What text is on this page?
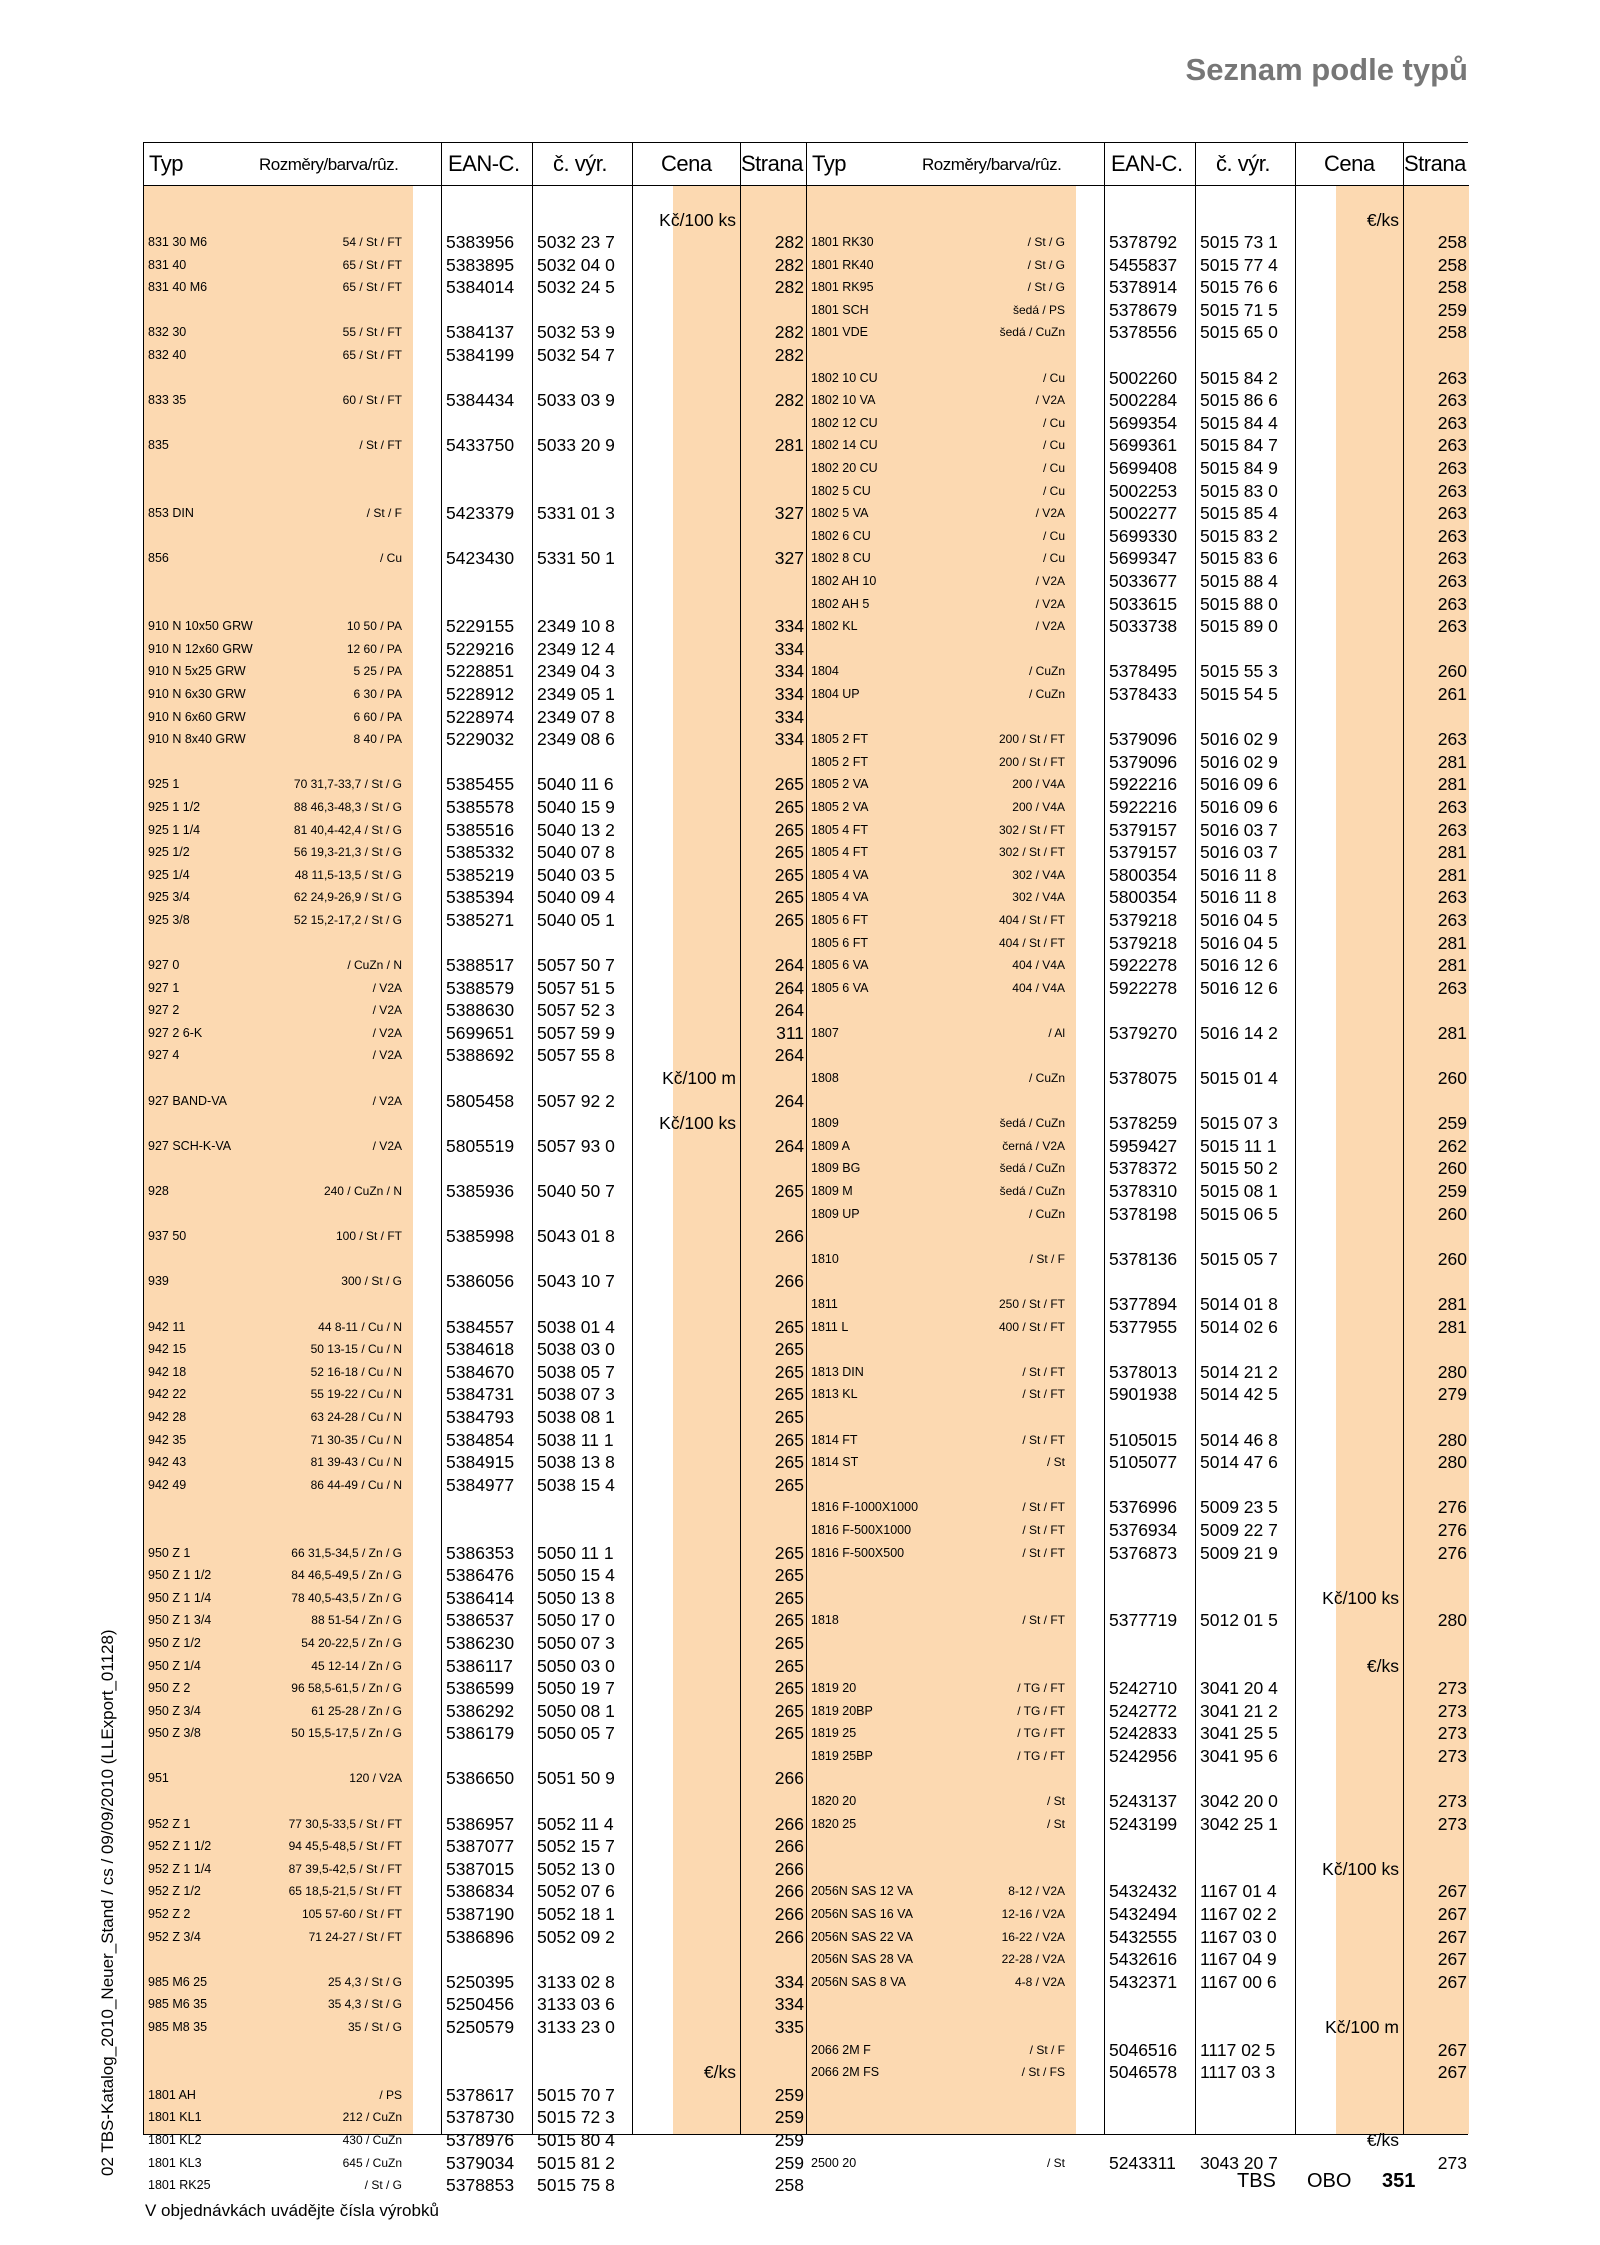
Seznam podle typů
Typ	Rozměry/barva/rûz. EAN-C. č. výr. Cena Strana
Kč/100 ks
831 30 M6	54 / St / FT	5383956 5032 23 7	282
831 40	65 / St / FT	5383895 5032 04 0	282
831 40 M6	65 / St / FT	5384014 5032 24 5	282
832 30	55 / St / FT	5384137 5032 53 9	282
832 40	65 / St / FT	5384199 5032 54 7	282
833 35	60 / St / FT	5384434 5033 03 9	282
835	/ St / FT	5433750 5033 20 9	281
853 DIN	/ St / F	5423379 5331 01 3	327
856	/ Cu	5423430 5331 50 1	327
910 N 10x50 GRW	10 50 / PA	5229155 2349 10 8	334
910 N 12x60 GRW	12 60 / PA	5229216 2349 12 4	334
910 N 5x25 GRW	5 25 / PA	5228851 2349 04 3	334
910 N 6x30 GRW	6 30 / PA	5228912 2349 05 1	334
910 N 6x60 GRW	6 60 / PA	5228974 2349 07 8	334
910 N 8x40 GRW	8 40 / PA	5229032 2349 08 6	334
925 1	70 31,7-33,7 / St / G	5385455 5040 11 6	265
925 1 1/2	88 46,3-48,3 / St / G	5385578 5040 15 9	265
925 1 1/4	81 40,4-42,4 / St / G	5385516 5040 13 2	265
925 1/2	56 19,3-21,3 / St / G	5385332 5040 07 8	265
925 1/4	48 11,5-13,5 / St / G	5385219 5040 03 5	265
925 3/4	62 24,9-26,9 / St / G	5385394 5040 09 4	265
925 3/8	52 15,2-17,2 / St / G	5385271 5040 05 1	265
927 0	/ CuZn / N	5388517 5057 50 7	264
927 1	/ V2A	5388579 5057 51 5	264
927 2	/ V2A	5388630 5057 52 3	264
927 2 6-K	/ V2A	5699651 5057 59 9	311
927 4	/ V2A	5388692 5057 55 8	264
Kč/100 m
927 BAND-VA	/ V2A	5805458 5057 92 2	264
Kč/100 ks
927 SCH-K-VA	/ V2A	5805519 5057 93 0	264
928	240 / CuZn / N	5385936 5040 50 7	265
937 50	100 / St / FT	5385998 5043 01 8	266
939	300 / St / G	5386056 5043 10 7	266
942 11	44 8-11 / Cu / N	5384557 5038 01 4	265
942 15	50 13-15 / Cu / N	5384618 5038 03 0	265
942 18	52 16-18 / Cu / N	5384670 5038 05 7	265
942 22	55 19-22 / Cu / N	5384731 5038 07 3	265
942 28	63 24-28 / Cu / N	5384793 5038 08 1	265
942 35	71 30-35 / Cu / N	5384854 5038 11 1	265
942 43	81 39-43 / Cu / N	5384915 5038 13 8	265
942 49	86 44-49 / Cu / N	5384977 5038 15 4	265
950 Z 1	66 31,5-34,5 / Zn / G	5386353 5050 11 1	265
950 Z 1 1/2	84 46,5-49,5 / Zn / G	5386476 5050 15 4	265
950 Z 1 1/4	78 40,5-43,5 / Zn / G	5386414 5050 13 8	265
950 Z 1 3/4	88 51-54 / Zn / G	5386537 5050 17 0	265
950 Z 1/2	54 20-22,5 / Zn / G	5386230 5050 07 3	265
950 Z 1/4	45 12-14 / Zn / G	5386117 5050 03 0	265
950 Z 2	96 58,5-61,5 / Zn / G	5386599 5050 19 7	265
950 Z 3/4	61 25-28 / Zn / G	5386292 5050 08 1	265
950 Z 3/8	50 15,5-17,5 / Zn / G	5386179 5050 05 7	265
951	120 / V2A	5386650 5051 50 9	266
952 Z 1	77 30,5-33,5 / St / FT	5386957 5052 11 4	266
952 Z 1 1/2	94 45,5-48,5 / St / FT	5387077 5052 15 7	266
952 Z 1 1/4	87 39,5-42,5 / St / FT	5387015 5052 13 0	266
952 Z 1/2	65 18,5-21,5 / St / FT	5386834 5052 07 6	266
952 Z 2	105 57-60 / St / FT	5387190 5052 18 1	266
952 Z 3/4	71 24-27 / St / FT	5386896 5052 09 2	266
985 M6 25	25 4,3 / St / G	5250395 3133 02 8	334
985 M6 35	35 4,3 / St / G	5250456 3133 03 6	334
985 M8 35	35 / St / G	5250579 3133 23 0	335
€/ks
1801 AH	/ PS	5378617 5015 70 7	259
1801 KL1	212 / CuZn	5378730 5015 72 3	259
1801 KL2	430 / CuZn	5378976 5015 80 4	259
1801 KL3	645 / CuZn	5379034 5015 81 2	259
1801 RK25	/ St / G	5378853 5015 75 8	258
Typ	Rozměry/barva/rûz. EAN-C. č. výr. Cena Strana
€/ks
1801 RK30	/ St / G	5378792 5015 73 1	258
1801 RK40	/ St / G	5455837 5015 77 4	258
1801 RK95	/ St / G	5378914 5015 76 6	258
1801 SCH	šedá / PS	5378679 5015 71 5	259
1801 VDE	šedá / CuZn	5378556 5015 65 0	258
1802 10 CU	/ Cu	5002260 5015 84 2	263
1802 10 VA	/ V2A	5002284 5015 86 6	263
1802 12 CU	/ Cu	5699354 5015 84 4	263
1802 14 CU	/ Cu	5699361 5015 84 7	263
1802 20 CU	/ Cu	5699408 5015 84 9	263
1802 5 CU	/ Cu	5002253 5015 83 0	263
1802 5 VA	/ V2A	5002277 5015 85 4	263
1802 6 CU	/ Cu	5699330 5015 83 2	263
1802 8 CU	/ Cu	5699347 5015 83 6	263
1802 AH 10	/ V2A	5033677 5015 88 4	263
1802 AH 5	/ V2A	5033615 5015 88 0	263
1802 KL	/ V2A	5033738 5015 89 0	263
1804	/ CuZn	5378495 5015 55 3	260
1804 UP	/ CuZn	5378433 5015 54 5	261
1805 2 FT	200 / St / FT	5379096 5016 02 9	263
1805 2 FT	200 / St / FT	5379096 5016 02 9	281
1805 2 VA	200 / V4A	5922216 5016 09 6	281
1805 2 VA	200 / V4A	5922216 5016 09 6	263
1805 4 FT	302 / St / FT	5379157 5016 03 7	263
1805 4 FT	302 / St / FT	5379157 5016 03 7	281
1805 4 VA	302 / V4A	5800354 5016 11 8	281
1805 4 VA	302 / V4A	5800354 5016 11 8	263
1805 6 FT	404 / St / FT	5379218 5016 04 5	263
1805 6 FT	404 / St / FT	5379218 5016 04 5	281
1805 6 VA	404 / V4A	5922278 5016 12 6	281
1805 6 VA	404 / V4A	5922278 5016 12 6	263
1807	/ Al	5379270 5016 14 2	281
1808	/ CuZn	5378075 5015 01 4	260
1809	šedá / CuZn	5378259 5015 07 3	259
1809 A	černá / V2A	5959427 5015 11 1	262
1809 BG	šedá / CuZn	5378372 5015 50 2	260
1809 M	šedá / CuZn	5378310 5015 08 1	259
1809 UP	/ CuZn	5378198 5015 06 5	260
1810	/ St / F	5378136 5015 05 7	260
1811	250 / St / FT	5377894 5014 01 8	281
1811 L	400 / St / FT	5377955 5014 02 6	281
1813 DIN	/ St / FT	5378013 5014 21 2	280
1813 KL	/ St / FT	5901938 5014 42 5	279
1814 FT	/ St / FT	5105015 5014 46 8	280
1814 ST	/ St	5105077 5014 47 6	280
1816 F-1000X1000	/ St / FT	5376996 5009 23 5	276
1816 F-500X1000	/ St / FT	5376934 5009 22 7	276
1816 F-500X500	/ St / FT	5376873 5009 21 9	276
Kč/100 ks
1818	/ St / FT	5377719 5012 01 5	280
€/ks
1819 20	/ TG / FT	5242710 3041 20 4	273
1819 20BP	/ TG / FT	5242772 3041 21 2	273
1819 25	/ TG / FT	5242833 3041 25 5	273
1819 25BP	/ TG / FT	5242956 3041 95 6	273
1820 20	/ St	5243137 3042 20 0	273
1820 25	/ St	5243199 3042 25 1	273
Kč/100 ks
2056N SAS 12 VA	8-12 / V2A	5432432 1167 01 4	267
2056N SAS 16 VA	12-16 / V2A	5432494 1167 02 2	267
2056N SAS 22 VA	16-22 / V2A	5432555 1167 03 0	267
2056N SAS 28 VA	22-28 / V2A	5432616 1167 04 9	267
2056N SAS 8 VA	4-8 / V2A	5432371 1167 00 6	267
Kč/100 m
2066 2M F	/ St / F	5046516 1117 02 5	267
2066 2M FS	/ St / FS	5046578 1117 03 3	267
€/ks
2500 20	/ St	5243311 3043 20 7	273
02 TBS-Katalog_2010_Neuer_Stand / cs / 09/09/2010 (LLExport_01128)
V objednávkách uvádějte čísla výrobků
TBS OBO 351
